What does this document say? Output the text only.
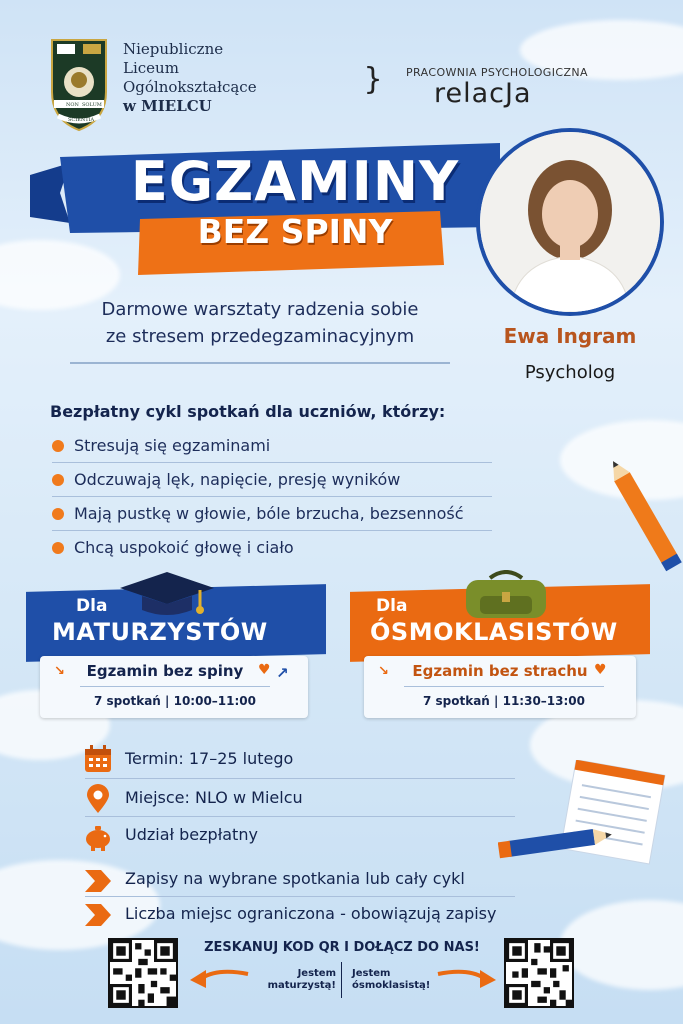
NON SOLUM
SCIENTIA
Niepubliczne
Liceum
Ogólnokształcące
w MIELCU
} PRACOWNIA PSYCHOLOGICZNA
relacJa
EGZAMINY
BEZ SPINY
Darmowe warsztaty radzenia sobie
ze stresem przedegzaminacyjnym	Ewa Ingram
Psycholog
Bezpłatny cykl spotkań dla uczniów, którzy:
Stresują się egzaminami
Odczuwają lęk, napięcie, presję wyników
Mają pustkę w głowie, bóle brzucha, bezsenność
Chcą uspokoić głowę i ciało
Dla
MATURZYSTÓW
↘	Egzamin bez spiny	♥ ↗
7 spotkań | 10:00–11:00
Dla
ÓSMOKLASISTÓW
↘	Egzamin bez strachu ♥
7 spotkań | 11:30–13:00
Termin: 17–25 lutego
Miejsce: NLO w Mielcu
Udział bezpłatny
Zapisy na wybrane spotkania lub cały cykl
Liczba miejsc ograniczona - obowiązują zapisy
ZESKANUJ KOD QR I DOŁĄCZ DO NAS!
Jestem
maturzystą!
Jestem
ósmoklasistą!
